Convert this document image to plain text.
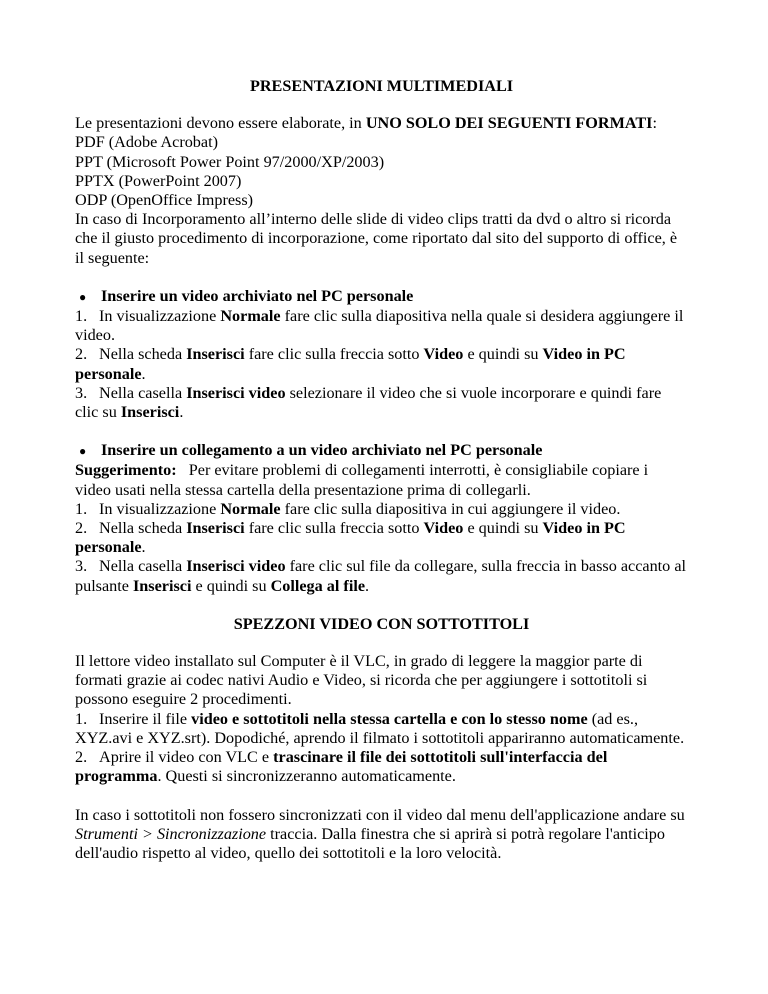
PRESENTAZIONI MULTIMEDIALI

Le presentazioni devono essere elaborate, in UNO SOLO DEI SEGUENTI FORMATI:

PDF (Adobe Acrobat)

PPT (Microsoft Power Point 97/2000/XP/2003)

PPTX (PowerPoint 2007)

ODP (OpenOffice Impress)

In caso di Incorporamento all’interno delle slide di video clips tratti da dvd o altro si ricorda che il giusto procedimento di incorporazione, come riportato dal sito del supporto di office, è il seguente:

● Inserire un video archiviato nel PC personale

1. In visualizzazione Normale fare clic sulla diapositiva nella quale si desidera aggiungere il video.

2. Nella scheda Inserisci fare clic sulla freccia sotto Video e quindi su Video in PC personale.

3. Nella casella Inserisci video selezionare il video che si vuole incorporare e quindi fare clic su Inserisci.

● Inserire un collegamento a un video archiviato nel PC personale

Suggerimento: Per evitare problemi di collegamenti interrotti, è consigliabile copiare i video usati nella stessa cartella della presentazione prima di collegarli.

1. In visualizzazione Normale fare clic sulla diapositiva in cui aggiungere il video.

2. Nella scheda Inserisci fare clic sulla freccia sotto Video e quindi su Video in PC personale.

3. Nella casella Inserisci video fare clic sul file da collegare, sulla freccia in basso accanto al pulsante Inserisci e quindi su Collega al file.

SPEZZONI VIDEO CON SOTTOTITOLI

Il lettore video installato sul Computer è il VLC, in grado di leggere la maggior parte di formati grazie ai codec nativi Audio e Video, si ricorda che per aggiungere i sottotitoli si possono eseguire 2 procedimenti.

1. Inserire il file video e sottotitoli nella stessa cartella e con lo stesso nome (ad es., XYZ.avi e XYZ.srt). Dopodiché, aprendo il filmato i sottotitoli appariranno automaticamente.

2. Aprire il video con VLC e trascinare il file dei sottotitoli sull'interfaccia del programma. Questi si sincronizzeranno automaticamente.

In caso i sottotitoli non fossero sincronizzati con il video dal menu dell'applicazione andare su Strumenti > Sincronizzazione traccia. Dalla finestra che si aprirà si potrà regolare l'anticipo dell'audio rispetto al video, quello dei sottotitoli e la loro velocità.
